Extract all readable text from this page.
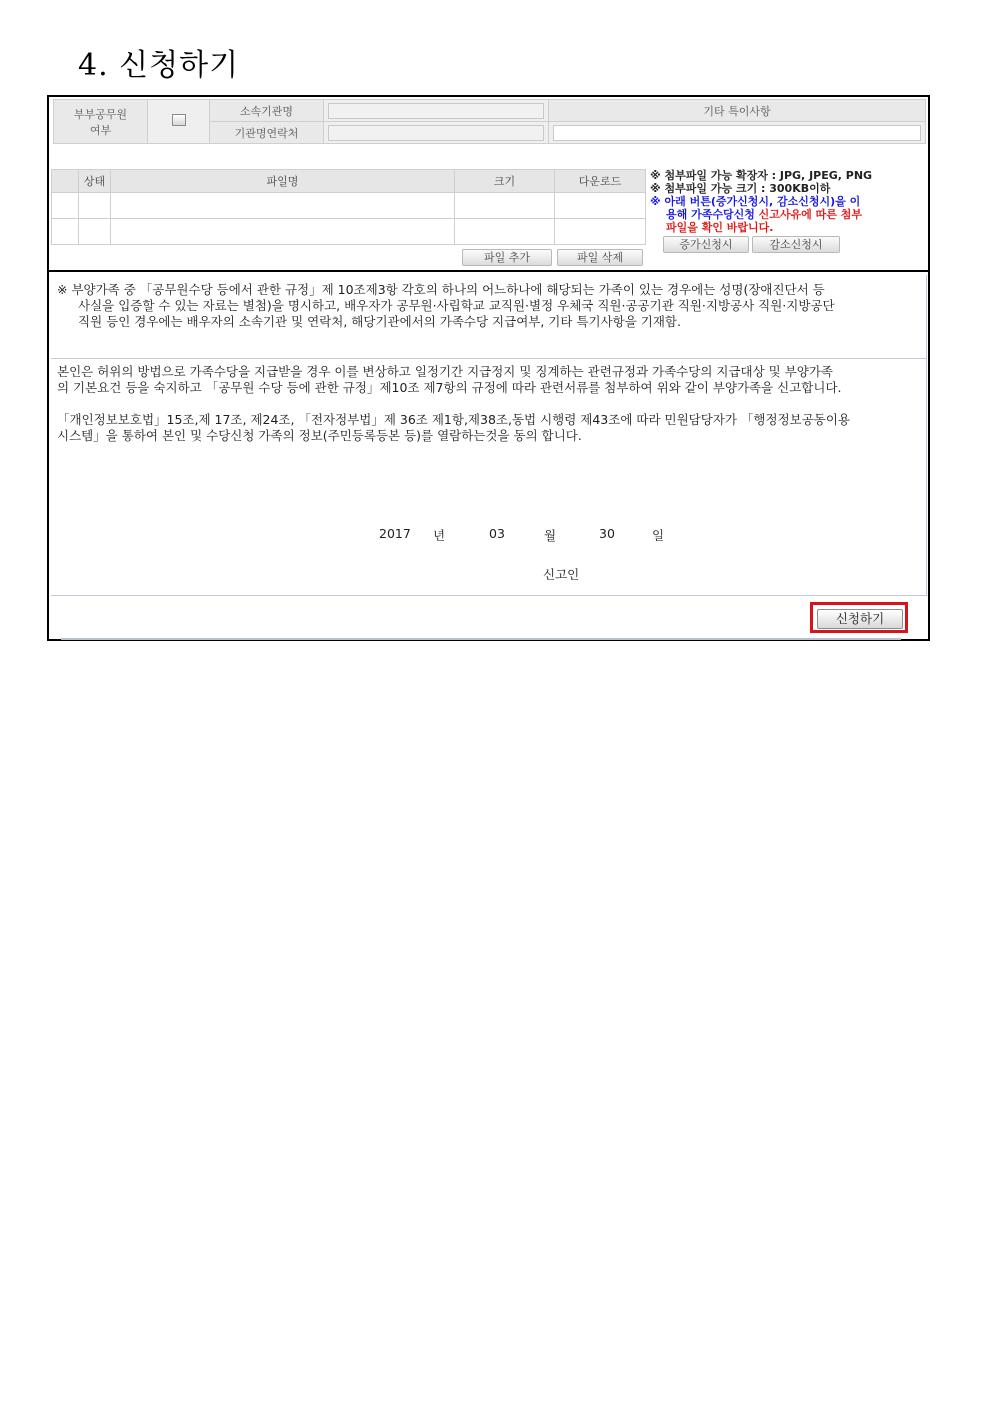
4. 신청하기
부부공무원
여부		소속기관명		기타 특이사항
		기관명연락처	

	상태	파일명	크기	다운로드

파일 추가	파일 삭제
※ 첨부파일 가능 확장자 : JPG, JPEG, PNG
※ 첨부파일 가능 크기 : 300KB이하
※ 아래 버튼(증가신청시, 감소신청시)을 이
용해 가족수당신청 신고사유에 따른 첨부
파일을 확인 바랍니다.
증가신청시	감소신청시
※ 부양가족 중 「공무원수당 등에서 관한 규정」제 10조제3항 각호의 하나의 어느하나에 해당되는 가족이 있는 경우에는 성명(장애진단서 등
사실을 입증할 수 있는 자료는 별첨)을 명시하고, 배우자가 공무원·사립학교 교직원·별정 우체국 직원·공공기관 직원·지방공사 직원·지방공단
직원 등인 경우에는 배우자의 소속기관 및 연락처, 해당기관에서의 가족수당 지급여부, 기타 특기사항을 기재함.
본인은 허위의 방법으로 가족수당을 지급받을 경우 이를 변상하고 일정기간 지급정지 및 징계하는 관련규정과 가족수당의 지급대상 및 부양가족
의 기본요건 등을 숙지하고 「공무원 수당 등에 관한 규정」제10조 제7항의 규정에 따라 관련서류를 첨부하여 위와 같이 부양가족을 신고합니다.
「개인정보보호법」15조,제 17조, 제24조, 「전자정부법」제 36조 제1항,제38조,동법 시행령 제43조에 따라 민원담당자가 「행정정보공동이용
시스템」을 통하여 본인 및 수당신청 가족의 정보(주민등록등본 등)를 열람하는것을 동의 합니다.
2017 년	03	월	30	일
신고인
신청하기
